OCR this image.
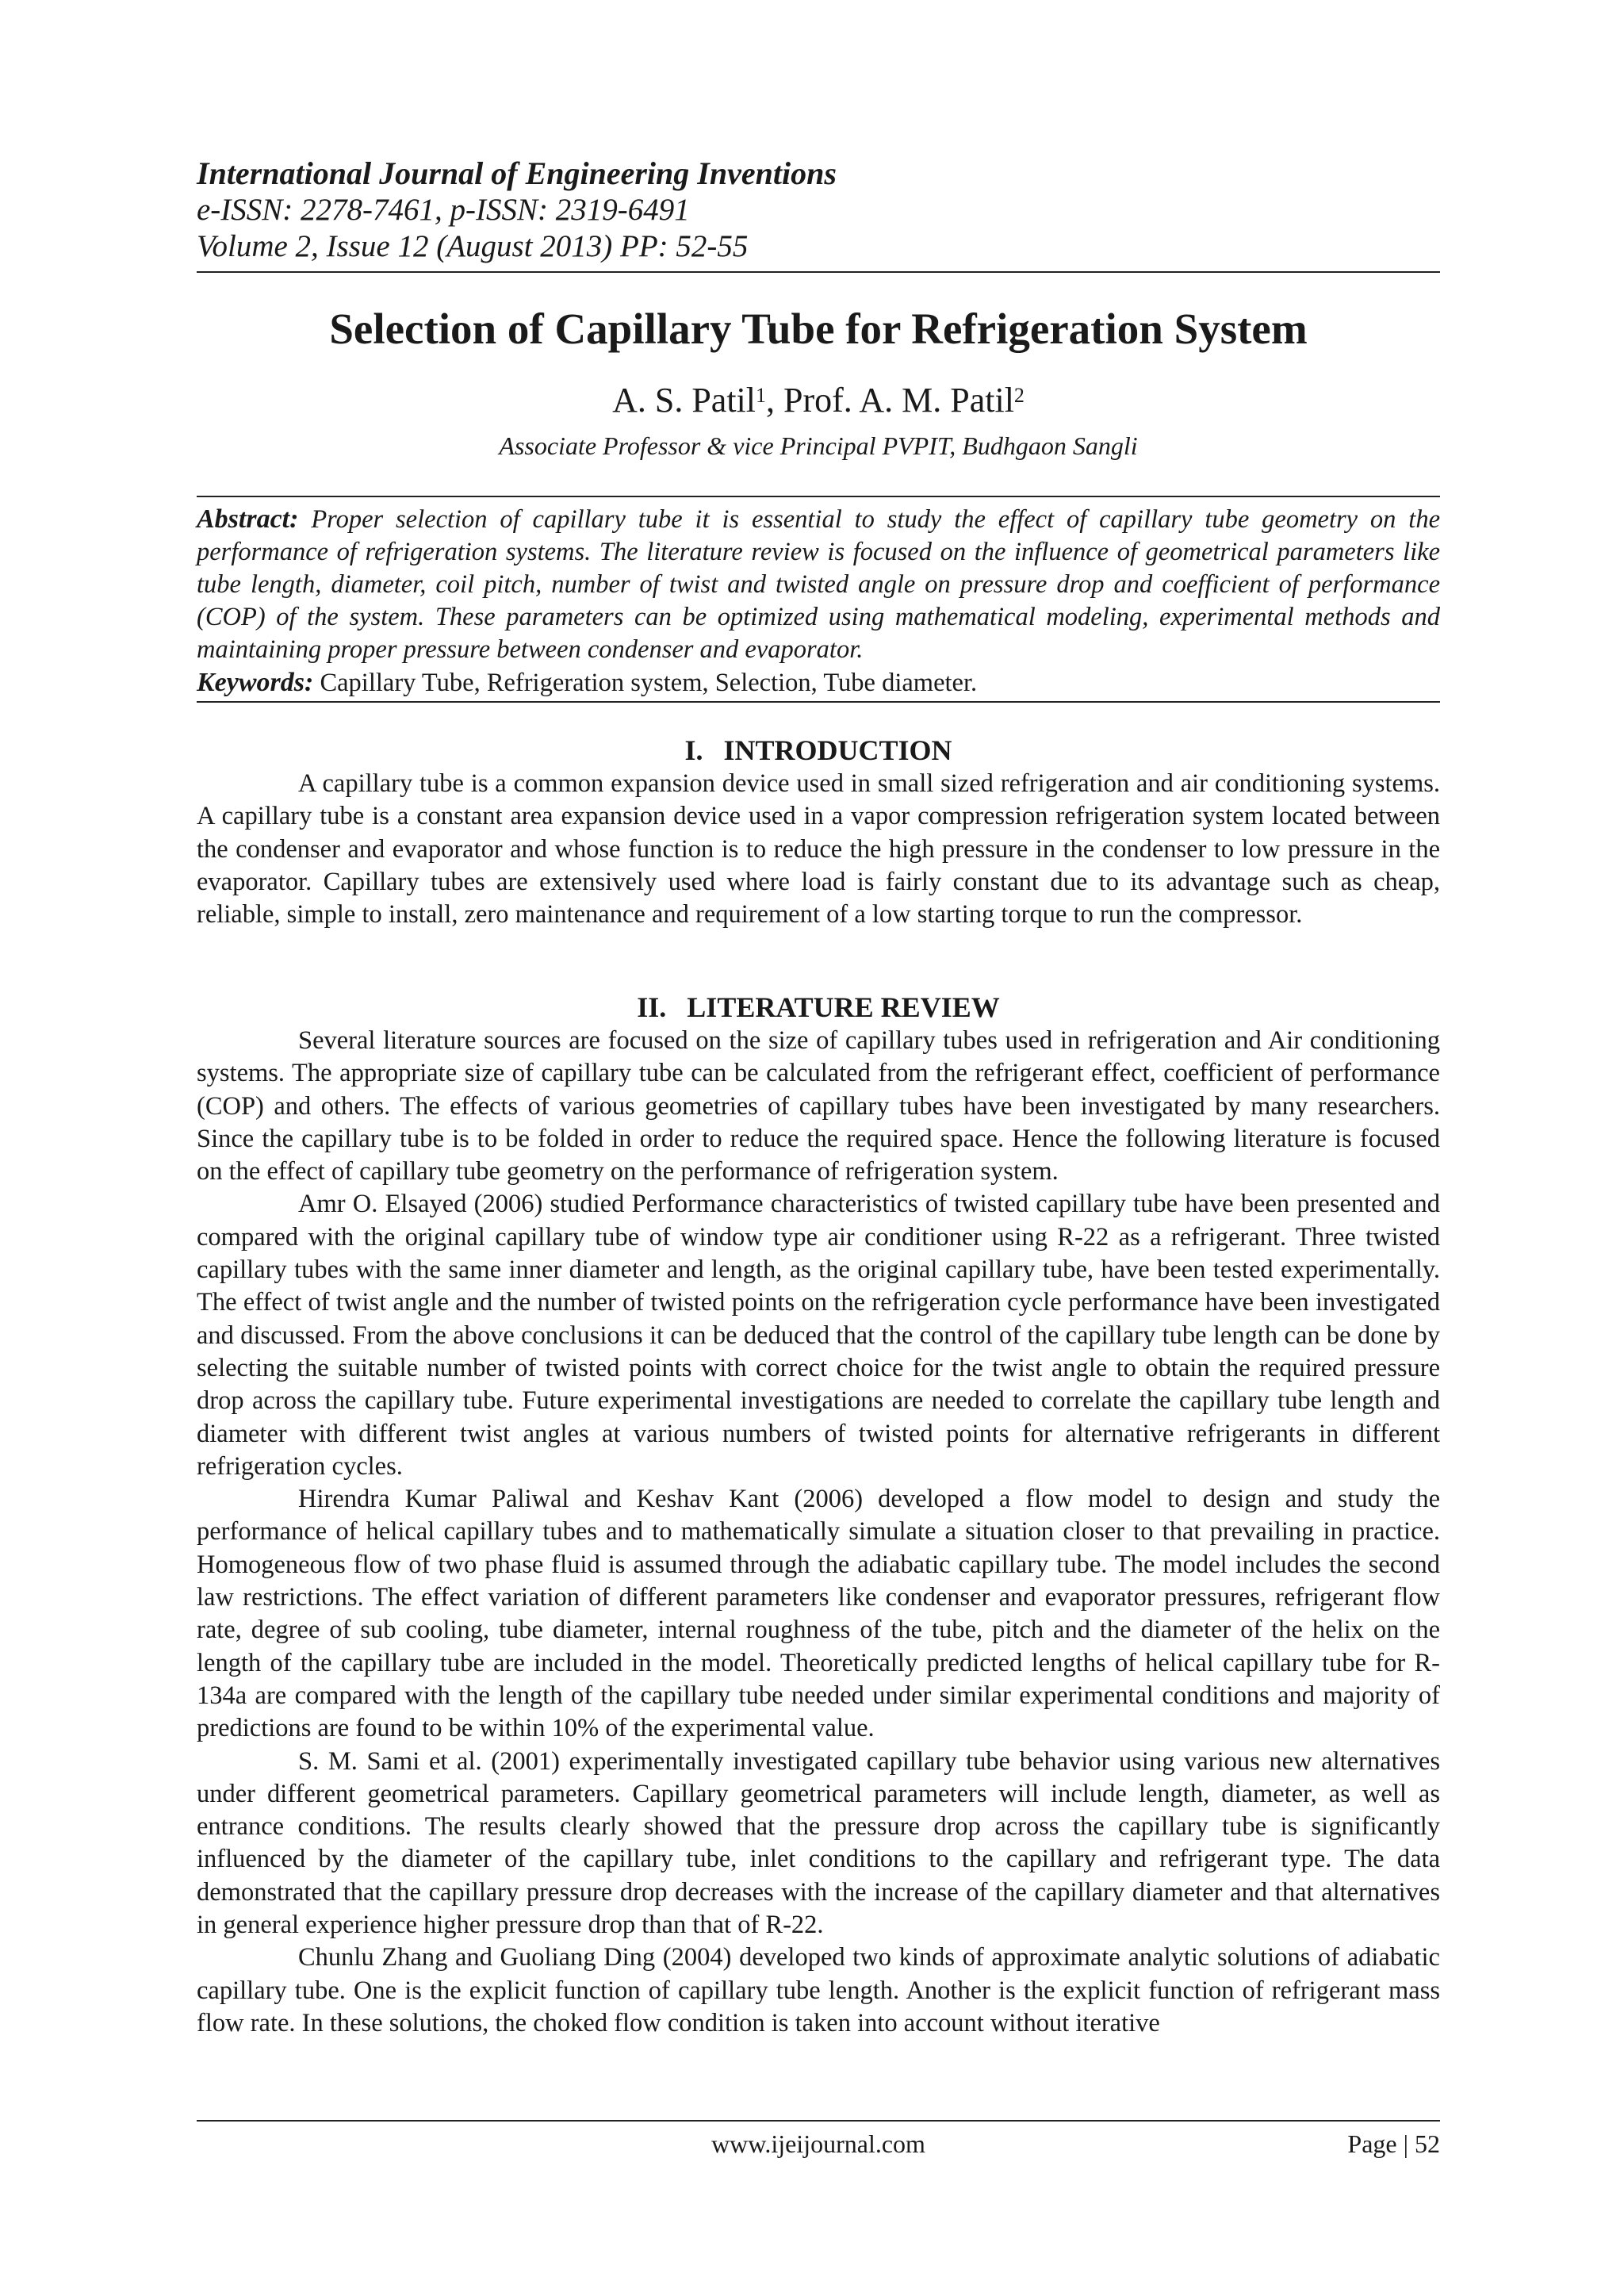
International Journal of Engineering Inventions
e-ISSN: 2278-7461, p-ISSN: 2319-6491
Volume 2, Issue 12 (August 2013) PP: 52-55
Selection of Capillary Tube for Refrigeration System
A. S. Patil$^1$, Prof. A. M. Patil$^2$
Associate Professor & vice Principal PVPIT, Budhgaon Sangli
Abstract: Proper selection of capillary tube it is essential to study the effect of capillary tube geometry on the performance of refrigeration systems. The literature review is focused on the influence of geometrical parameters like tube length, diameter, coil pitch, number of twist and twisted angle on pressure drop and coefficient of performance (COP) of the system. These parameters can be optimized using mathematical modeling, experimental methods and maintaining proper pressure between condenser and evaporator.
Keywords: Capillary Tube, Refrigeration system, Selection, Tube diameter.
I. INTRODUCTION

A capillary tube is a common expansion device used in small sized refrigeration and air conditioning systems. A capillary tube is a constant area expansion device used in a vapor compression refrigeration system located between the condenser and evaporator and whose function is to reduce the high pressure in the condenser to low pressure in the evaporator. Capillary tubes are extensively used where load is fairly constant due to its advantage such as cheap, reliable, simple to install, zero maintenance and requirement of a low starting torque to run the compressor.

II. LITERATURE REVIEW

Several literature sources are focused on the size of capillary tubes used in refrigeration and Air conditioning systems. The appropriate size of capillary tube can be calculated from the refrigerant effect, coefficient of performance (COP) and others. The effects of various geometries of capillary tubes have been investigated by many researchers. Since the capillary tube is to be folded in order to reduce the required space. Hence the following literature is focused on the effect of capillary tube geometry on the performance of refrigeration system.

Amr O. Elsayed (2006) studied Performance characteristics of twisted capillary tube have been presented and compared with the original capillary tube of window type air conditioner using R-22 as a refrigerant. Three twisted capillary tubes with the same inner diameter and length, as the original capillary tube, have been tested experimentally. The effect of twist angle and the number of twisted points on the refrigeration cycle performance have been investigated and discussed. From the above conclusions it can be deduced that the control of the capillary tube length can be done by selecting the suitable number of twisted points with correct choice for the twist angle to obtain the required pressure drop across the capillary tube. Future experimental investigations are needed to correlate the capillary tube length and diameter with different twist angles at various numbers of twisted points for alternative refrigerants in different refrigeration cycles.

Hirendra Kumar Paliwal and Keshav Kant (2006) developed a flow model to design and study the performance of helical capillary tubes and to mathematically simulate a situation closer to that prevailing in practice. Homogeneous flow of two phase fluid is assumed through the adiabatic capillary tube. The model includes the second law restrictions. The effect variation of different parameters like condenser and evaporator pressures, refrigerant flow rate, degree of sub cooling, tube diameter, internal roughness of the tube, pitch and the diameter of the helix on the length of the capillary tube are included in the model. Theoretically predicted lengths of helical capillary tube for R-134a are compared with the length of the capillary tube needed under similar experimental conditions and majority of predictions are found to be within 10% of the experimental value.

S. M. Sami et al. (2001) experimentally investigated capillary tube behavior using various new alternatives under different geometrical parameters. Capillary geometrical parameters will include length, diameter, as well as entrance conditions. The results clearly showed that the pressure drop across the capillary tube is significantly influenced by the diameter of the capillary tube, inlet conditions to the capillary and refrigerant type. The data demonstrated that the capillary pressure drop decreases with the increase of the capillary diameter and that alternatives in general experience higher pressure drop than that of R-22.

Chunlu Zhang and Guoliang Ding (2004) developed two kinds of approximate analytic solutions of adiabatic capillary tube. One is the explicit function of capillary tube length. Another is the explicit function of refrigerant mass flow rate. In these solutions, the choked flow condition is taken into account without iterative

www.ijeijournal.com	Page | 52
